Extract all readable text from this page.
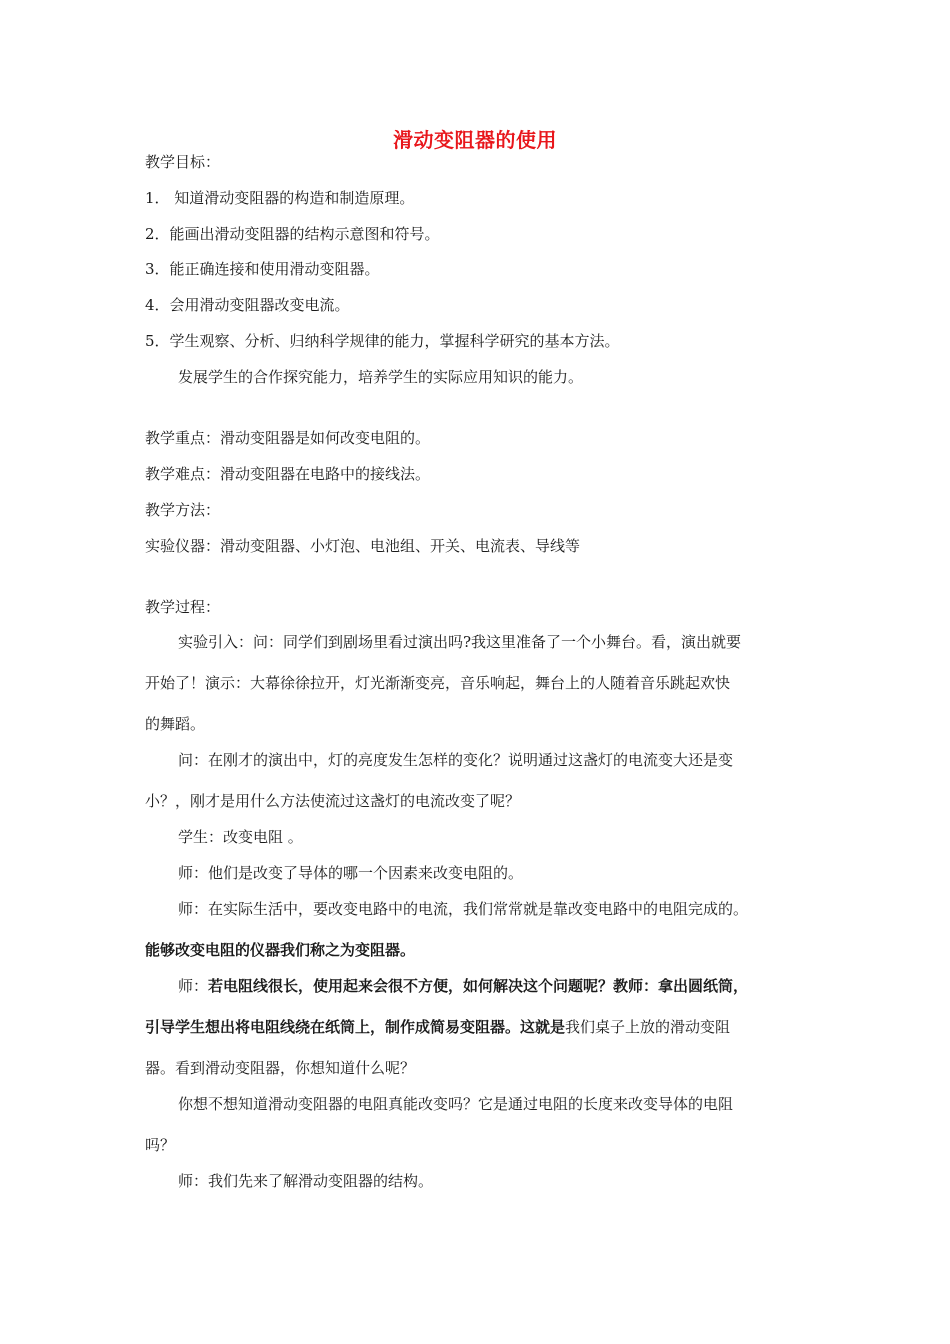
滑动变阻器的使用
教学目标：
1． 知道滑动变阻器的构造和制造原理。
2．能画出滑动变阻器的结构示意图和符号。
3．能正确连接和使用滑动变阻器。
4．会用滑动变阻器改变电流。
5．学生观察、分析、归纳科学规律的能力，掌握科学研究的基本方法。
发展学生的合作探究能力，培养学生的实际应用知识的能力。
教学重点：滑动变阻器是如何改变电阻的。
教学难点：滑动变阻器在电路中的接线法。
教学方法：
实验仪器：滑动变阻器、小灯泡、电池组、开关、电流表、导线等
教学过程：
实验引入：问：同学们到剧场里看过演出吗?我这里准备了一个小舞台。看，演出就要
开始了！演示：大幕徐徐拉开，灯光渐渐变亮，音乐响起，舞台上的人随着音乐跳起欢快
的舞蹈。
问：在刚才的演出中，灯的亮度发生怎样的变化？说明通过这盏灯的电流变大还是变
小？，刚才是用什么方法使流过这盏灯的电流改变了呢？
学生：改变电阻 。
师：他们是改变了导体的哪一个因素来改变电阻的。
师：在实际生活中，要改变电路中的电流，我们常常就是靠改变电路中的电阻完成的。
能够改变电阻的仪器我们称之为变阻器。
师：若电阻线很长，使用起来会很不方便，如何解决这个问题呢？教师：拿出圆纸筒，
引导学生想出将电阻线绕在纸筒上，制作成简易变阻器。这就是我们桌子上放的滑动变阻
器。看到滑动变阻器，你想知道什么呢？
你想不想知道滑动变阻器的电阻真能改变吗？它是通过电阻的长度来改变导体的电阻
吗？
师：我们先来了解滑动变阻器的结构。
